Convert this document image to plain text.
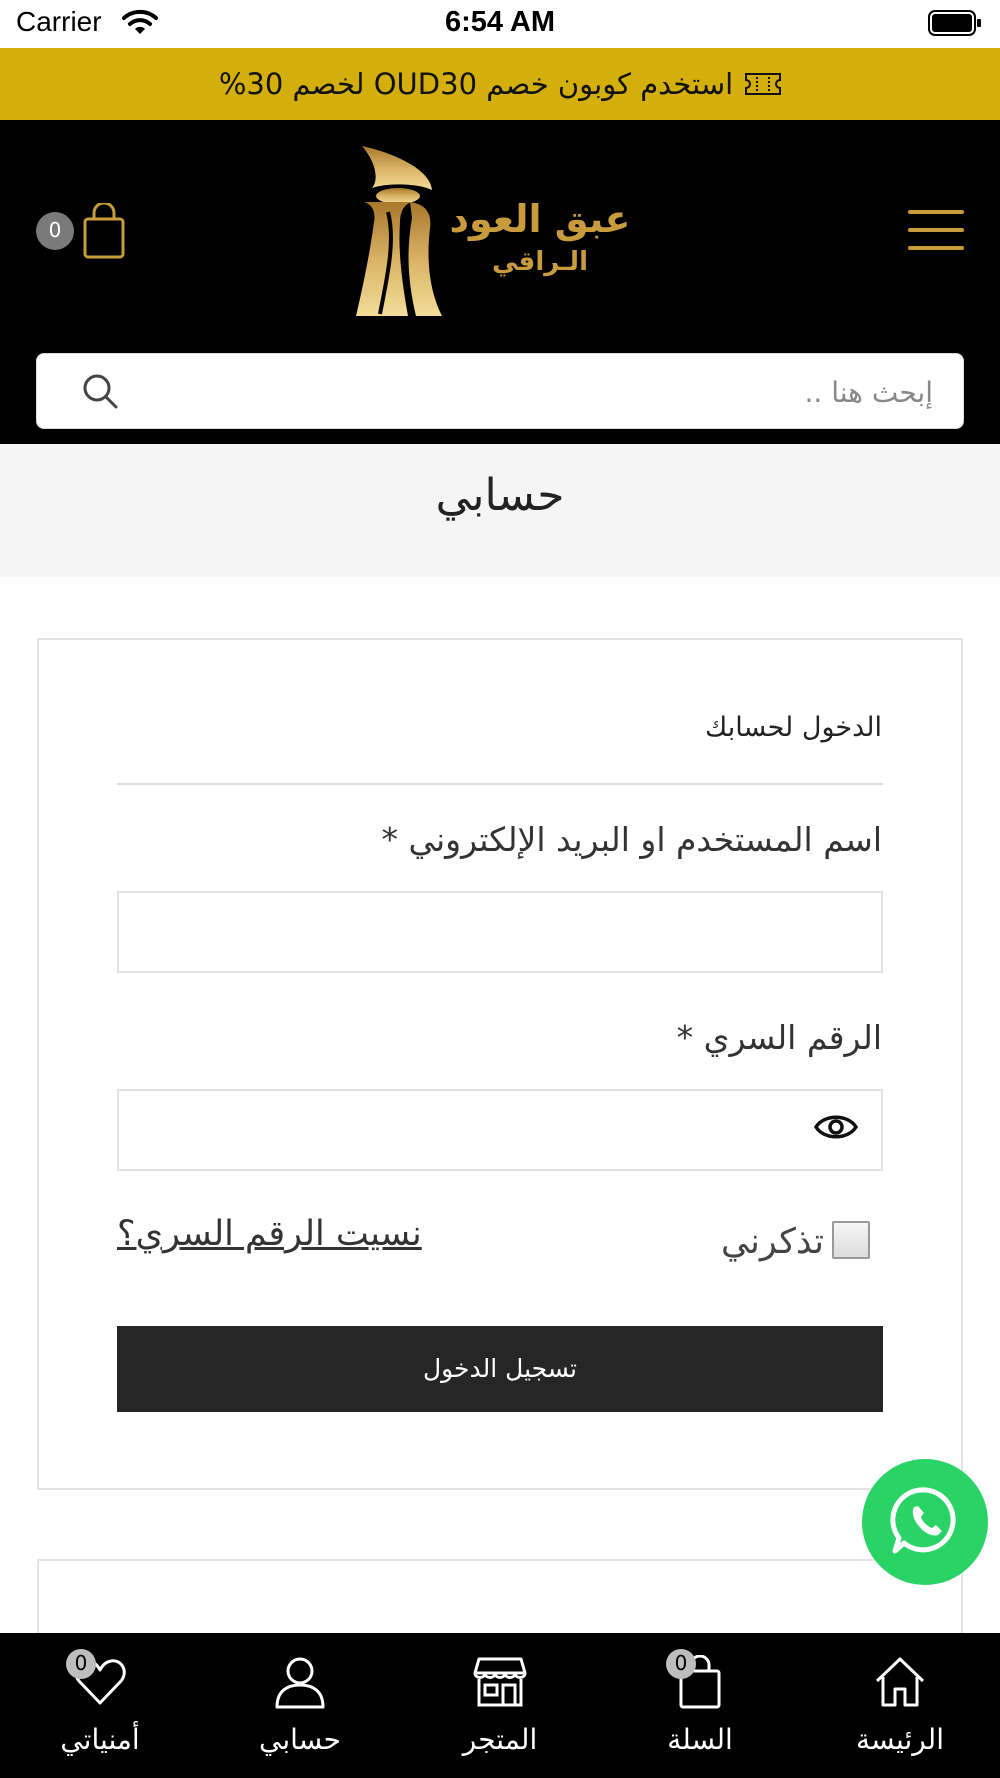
Carrier	6:54 AM
استخدم كوبون خصم OUD30 لخصم 30%
عبق العود
الـراقي
0
إبحث هنا ..
حسابي
الدخول لحسابك
اسم المستخدم او البريد الإلكتروني *
الرقم السري *
تذكرني
نسيت الرقم السري؟
تسجيل الدخول
الرئيسة
0
السلة
المتجر
حسابي
0
أمنياتي
